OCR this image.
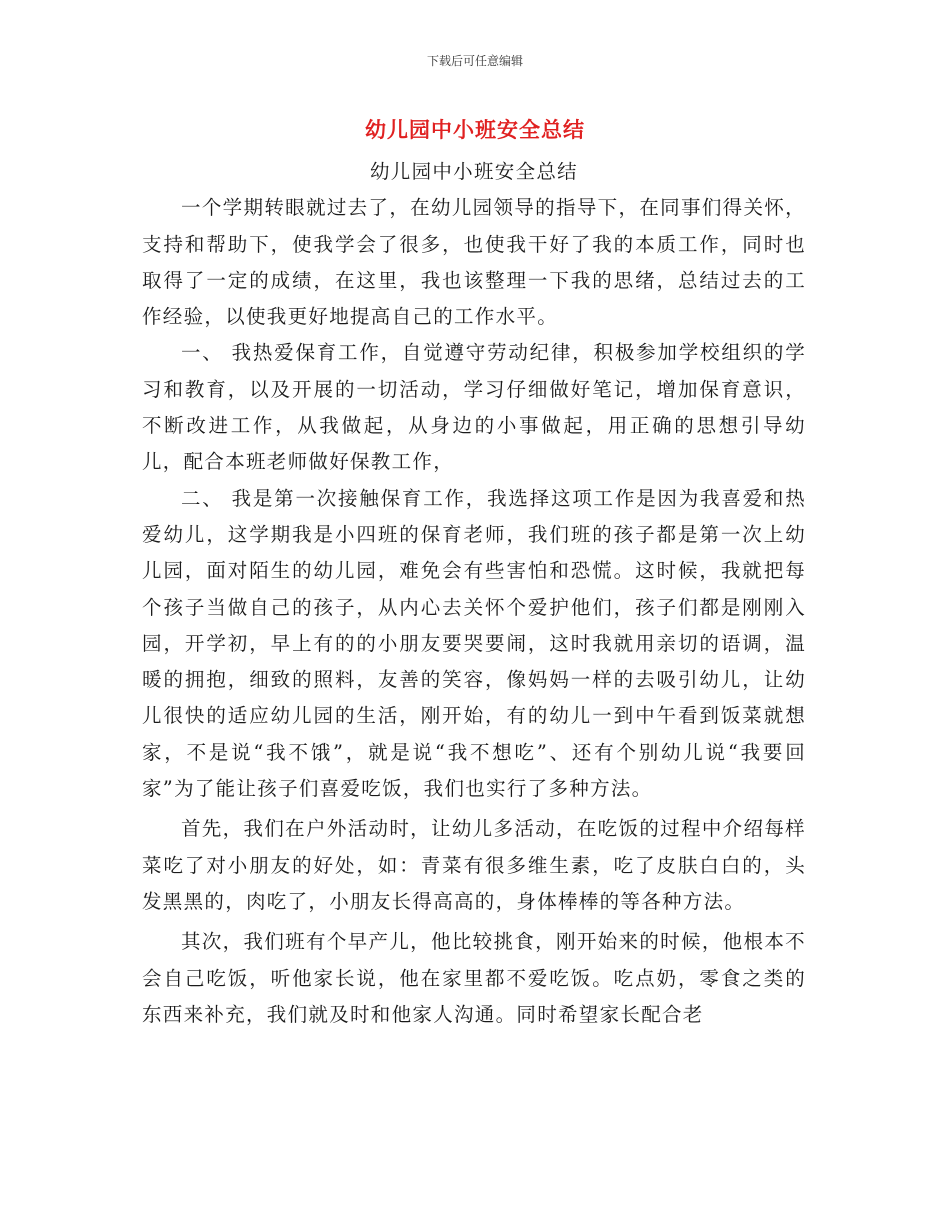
下载后可任意编辑
幼儿园中小班安全总结

幼儿园中小班安全总结

一个学期转眼就过去了，在幼儿园领导的指导下，在同事们得关怀，支持和帮助下，使我学会了很多，也使我干好了我的本质工作，同时也取得了一定的成绩，在这里，我也该整理一下我的思绪，总结过去的工作经验，以使我更好地提高自己的工作水平。

一、 我热爱保育工作，自觉遵守劳动纪律，积极参加学校组织的学习和教育，以及开展的一切活动，学习仔细做好笔记，增加保育意识，不断改进工作，从我做起，从身边的小事做起，用正确的思想引导幼儿，配合本班老师做好保教工作，

二、 我是第一次接触保育工作，我选择这项工作是因为我喜爱和热爱幼儿，这学期我是小四班的保育老师，我们班的孩子都是第一次上幼儿园，面对陌生的幼儿园，难免会有些害怕和恐慌。这时候，我就把每个孩子当做自己的孩子，从内心去关怀个爱护他们，孩子们都是刚刚入园，开学初，早上有的的小朋友要哭要闹，这时我就用亲切的语调，温暖的拥抱，细致的照料，友善的笑容，像妈妈一样的去吸引幼儿，让幼儿很快的适应幼儿园的生活，刚开始，有的幼儿一到中午看到饭菜就想家，不是说“我不饿”，就是说“我不想吃”、还有个别幼儿说“我要回家”为了能让孩子们喜爱吃饭，我们也实行了多种方法。

首先，我们在户外活动时，让幼儿多活动，在吃饭的过程中介绍每样菜吃了对小朋友的好处，如：青菜有很多维生素，吃了皮肤白白的，头发黑黑的，肉吃了，小朋友长得高高的，身体棒棒的等各种方法。

其次，我们班有个早产儿，他比较挑食，刚开始来的时候，他根本不会自己吃饭，听他家长说，他在家里都不爱吃饭。吃点奶，零食之类的东西来补充，我们就及时和他家人沟通。同时希望家长配合老
